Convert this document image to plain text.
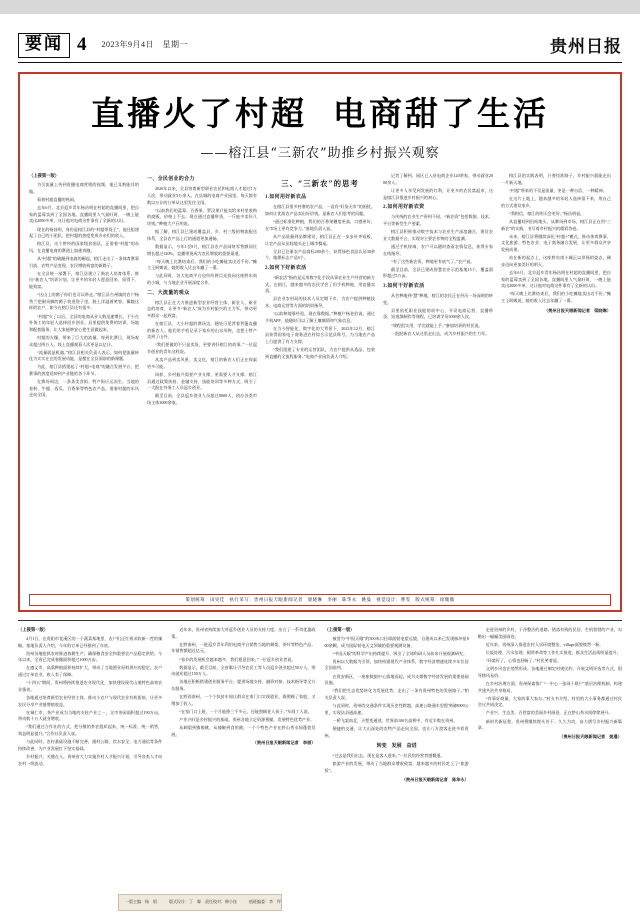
要闻 4 2023年9月4日　星期一	贵州日报
直播火了村超 电商甜了生活
——榕江县“三新农”助推乡村振兴观察
（上接第一版）

为引流量上传到贵播电商营销的视频，他已耳熟能详的做。

看着村超直播的热闹，

去年6月，北京返乡青年杨昌明在村超的直播间里，把自家的蓝莓卖到了全国各地。直播间里人气最旺时，一晚上能卖出2000多单，这让他对电商这件事有了全新的认识。

现在的杨昌明，身份是榕江县的“村超带货王”，他还组建起了自己的小团队，把村超的热度变成乡亲们的收入。

榕江县，这个曾经的国家级贫困县，正借着“村超”的东风，在直播电商的赛道上加速奔跑。

从“村超”的破圈到电商的崛起，榕江走出了一条体育赛事引流、农特产品变现、农民增收致富的新路子。

在全县统一部署下，榕江县建立了新农人培育体系，推出“新农人”培训计划，让更多的年轻人愿意回来、留得下、能致富。

“这山上的菌子你们也可以带走。”榕江县古州镇的农户杨秀兰把刚采摘的菌子装进袋子里，脸上洋溢着笑容。像她这样的农户，如今在榕江县还有很多。

“村超”火了以后，全县的电商从业人数迅速增长，不少在外务工的年轻人选择回乡创业。县里提供免费的培训、场地和配套服务，让大家能够安心把生意做起来。

村超的火爆，带来了巨大的流量。每到比赛日，现场观众超过两万人，线上直播观看人次更是以亿计。

“流量就是机遇。”榕江县相关负责人表示，如何把流量转化为实实在在的发展动能，是摆在全县面前的新课题。

为此，榕江县搭建起了“村超+电商”的融合发展平台，把赛事的热度延伸到产业链的各个环节。

在赛场周边，一条条美食街、特产街应运而生。当地的卷粉、牛瘪、西瓜、百香果等特色农产品，借着村超的东风走向全国。

一、全民创业的合力

2020年以来，全县培育新型职业农民和电商人才超过1万人次，带动就业3万余人。在县城的电商产业园里，每天都有数以万计的订单从这里发往全国。

“以前我们的蓝莓、百香果、罗汉果只能卖给来村里收购的商贩，价格上不去。现在通过直播带货，一斤能多卖好几块钱。”种植大户石明说。

据了解，榕江县已建成覆盖县、乡、村三级的物流配送体系，全县农产品上行的通道更加通畅。

数据显示，今年1至8月，榕江县农产品网络零售额同比增长超过120%，直播带货成为农民增收的重要渠道。

“每天晚上比赛结束后，我们的小吃摊能卖出近千份。”摊主王阿姨说，她的收入比去年翻了一番。

与此同时，各大电商平台也纷纷将目光投向这座黔东南的小城，与当地企业开展深度合作。

二、大流量的观众

榕江县正在大力推进新型农业经营主体、新农人、新业态的培育，让更多“新农人”成为乡村振兴的主力军，带动更多群众一起致富。

在榕江县，大小村超的赛场边，随处可见背着背篓直播的新农人。他们用手机记录下家乡的山水风物，也把土特产卖到了山外。

“我们要做的不只是卖货，更要讲好榕江的故事。”一位返乡创业的青年这样说。

从卖产品到卖风景、卖文化，榕江的新农人们正在探索更多可能。

同样，乡村振兴需要产业支撑，更需要人才支撑。榕江县通过政策扶持、金融支持、技能培训等多种方式，吸引了一大批在外务工人员返乡创业。

截至目前，全县返乡创业人员超过8000人，创办各类市场主体3000余家。

三、“三新农”的思考
1.如何用好新农品

在榕江县很多村寨的农产品，一直有“好货无市”的困扰。如何让优质农产品卖出好价钱，是新农人们思考的问题。

“通过标准化种植，我们的百香果糖度更高，口感更好，在市场上更有竞争力。”基地负责人说。

从产品质量到品牌建设，榕江县正在一步步补齐短板，让农产品从田间地头走上城市餐桌。

全县已注册农产品商标200余个，获得绿色食品认证30余个，地理标志产品5个。

2.如何下好新农活

“新农活”指的是运用数字化手段从事农业生产经营的新方式。在榕江，越来越多的农民学会了用手机种地、用直播卖货。

县农业农村局的技术人员定期下乡，为农户提供种植技术、电商运营等方面的培训指导。

“以前种地靠经验，现在靠数据。”种植户杨老伯说，通过手机APP，他随时可以了解土壤墒情和气象信息。

在当今智能化、数字化的大背景下，2022年12月，榕江县获得国家电子商务进农村综合示范县称号，为当地农产品上行提供了有力支撑。

“我们组建了专业的运营团队，为农户提供从选品、包装到直播的全流程服务。”电商产业园负责人介绍。

记者了解到，园区已入驻电商企业120余家，带动就业2000余人。

让更多人享受到发展的红利，让更多的农民富起来，这是榕江县推进乡村振兴的初心。

2.如何用好新农资

与传统的农业生产资料不同，“新农资”包括数据、技术、平台等新型生产要素。

榕江县积极推动数字技术与农业生产深度融合，建设农业大数据平台，实现对主要农作物的全程监测。

通过手机终端，农户可以随时查看农情信息，获得专家在线指导。

“有了这些新农资，种地更有底气了。”农户说。

截至目前，全县已建成智慧农业示范基地15个，覆盖面积超过5万亩。

3.如何干好新农活

从会种地到“慧”种地，榕江的农民正在经历一场深刻的转变。

县里依托职业技能培训中心，开设电商运营、直播带货、短视频制作等课程，已培训学员5000余人次。

“课程很实用，学完就能上手。”参加培训的村民说。

一批批新农人从这里走出去，成为乡村振兴的生力军。

榕江县的实践表明，只要找准路子，乡村振兴就能走出一片新天地。

“村超”带来的不仅是流量，更是一种自信、一种精神。

在这片土地上，越来越多的年轻人选择留下来，用自己的方式建设家乡。

“我相信，榕江的明天会更好。”杨昌明说。

从直播间到田间地头，从赛场到市场，榕江县正在用“三新农”的实践，书写着乡村振兴的精彩答卷。

未来，榕江县将继续深化“村超+”模式，推动体育赛事、文化旅游、特色农业、电子商务融合发展，让更多群众共享发展成果。

站在新的起点上，这座黔东南小城正以昂扬的姿态，阔步迈向更加美好的明天。

去年6月，北京返乡青年杨昌明在村超的直播间里，把自家的蓝莓卖到了全国各地。直播间里人气最旺时，一晚上能卖出2000多单，这让他对电商这件事有了全新的认识。

“每天晚上比赛结束后，我们的小吃摊能卖出近千份。”摊主王阿姨说，她的收入比去年翻了一番。

（贵州日报天眼新闻记者　梁晓琳）
策划统筹：田旻佳　执行采写：贵州日报天眼新闻记者　梁晓琳　李丽　陈华永　姚曼　视觉设计：曹雯　版式统筹：徐微微
（上接第一版）

4月1日，在贵阳市花溪区的一个蔬菜基地里，农户们正忙着采收新一茬的辣椒。基地负责人介绍，今年的订单已经排到了年底。

贵州各地抢抓农时推进春耕生产，确保粮食安全和重要农产品稳定供给。今年以来，全省已完成春播面积超过1000万亩。

在遵义市，高粱种植面积持续扩大，带动了当地酒业原料供应的稳定。农户通过订单农业，收入有了保障。

“十四五”期间，贵州将持续推进农业现代化，加快建设现代山地特色高效农业强省。

各地通过培育新型农业经营主体，推动小农户与现代农业有机衔接，让更多农民分享产业链增值收益。

在铜仁市，茶产业成为当地的支柱产业之一，全市茶园面积超过190万亩，带动数十万人就业增收。

“我们通过合作社的方式，把分散的茶农组织起来，统一标准、统一销售，效益明显提升。”合作社负责人说。

与此同时，农村基础设施不断完善，通村公路、饮水安全、电力通信等条件持续改善，为产业发展打下坚实基础。

乡村振兴，关键在人。贵州省大力实施乡村人才振兴计划，引导各类人才向农村一线流动。

近年来，贵州省持续加大对返乡创业人员的支持力度，出台了一系列优惠政策。

在黔南州，一批返乡青年利用电商平台销售当地的刺梨、茶叶等特色产品，年销售额超过亿元。

“家乡的发展机会越来越多，我们愿意回来。”一位返乡创业者说。

数据显示，截至目前，全省累计引导农民工等人员返乡创业超过50万人，带动就业超过150万人。

各地还积极搭建创业服务平台，提供场地支持、融资对接、技术指导等全方位服务。

在黔西南州，一个个扶贫车间让群众在家门口实现就业，既照顾了家庭，又增加了收入。

“在家门口上班，一个月能挣三千多元，还能照顾老人孩子。”车间工人说。

产业兴旺是乡村振兴的基础。贵州各地立足资源禀赋，发展特色优势产业。

从刺梨到猕猴桃，从辣椒到食用菌，一个个特色产业在黔山秀水间蓬勃发展。

（贵州日报天眼新闻记者　李丽）
（上接第一版）

被誉为“中国天眼”的500米口径球面射电望远镜，自建成以来已发现脉冲星800余颗，成为国际射电天文领域的重要观测设备。

“中国天眼”的科学产出持续提升，吸引了全球科研人员前来开展观测研究。

贵州以大数据为引领，加快构建现代产业体系，数字经济增速连续多年位居全国前列。

在贵安新区，一座座数据中心拔地而起，成为支撑数字经济发展的重要基础设施。

“我们把生态优势转化为发展优势，走出了一条有贵州特色的发展路子。”相关负责人说。

与此同时，贵州的交通条件实现历史性跨越，高速公路通车里程突破8000公里，实现县县通高速。

一桥飞架南北，天堑变通途。世界前100名高桥中，有近半数在贵州。

便捷的交通，让大山深处的农特产品走向全国，也让八方游客走进多彩贵州。

转变　发展　奋进

“过去是我们出去，现在是客人进来。”一位民宿经营者感慨道。

旅游产业的发展，带动了当地群众增收致富，越来越多的村民吃上了“旅游饭”。

（贵州日报天眼新闻记者　陈华永）

走进贵州的乡村，干净整洁的道路、错落有致的民居、生机勃勃的产业，勾勒出一幅幅美丽画卷。

近年来，贵州深入推进农村人居环境整治，village面貌焕然一新。

垃圾处理、污水治理、厕所革命等工作扎实推进，群众生活品质明显提升。

“环境好了，心情也舒畅了。”村民笑着说。

文明乡风也在悄然形成。各地通过制定村规民约、开展文明评选等方式，倡导移风易俗。

在乡村治理方面，贵州探索推广“一中心一张网十联户”基层治理机制，构建共建共治共享格局。

“有事好商量，大家的事大家办。”村支书介绍，村里的大小事务都通过村民会议共同决定。

产业兴、生态美、百姓富的美丽乡村画卷，正在黔山秀水间徐徐展开。

新时代新征程，贵州将继续埋头苦干、久久为功，奋力谱写乡村振兴新篇章。

（贵州日报天眼新闻记者　姚曼）
一版主编：杨　韬　　　版式设计：丁　嫄 责任校对：韩小钰　　　值班编委：李　坪
